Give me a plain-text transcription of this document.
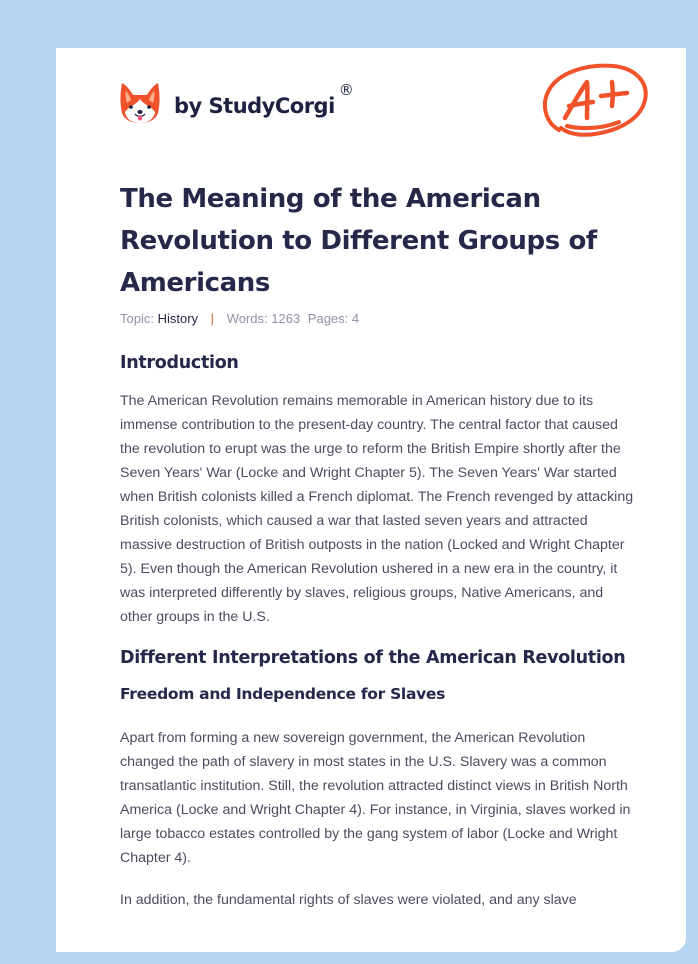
by StudyCorgi
®
The Meaning of the American Revolution to Different Groups of Americans
Topic: History | Words: 1263 Pages: 4
Introduction

The American Revolution remains memorable in American history due to its immense contribution to the present-day country. The central factor that caused the revolution to erupt was the urge to reform the British Empire shortly after the Seven Years' War (Locke and Wright Chapter 5). The Seven Years' War started when British colonists killed a French diplomat. The French revenged by attacking British colonists, which caused a war that lasted seven years and attracted massive destruction of British outposts in the nation (Locked and Wright Chapter 5). Even though the American Revolution ushered in a new era in the country, it was interpreted differently by slaves, religious groups, Native Americans, and other groups in the U.S.

Different Interpretations of the American Revolution
Freedom and Independence for Slaves

Apart from forming a new sovereign government, the American Revolution changed the path of slavery in most states in the U.S. Slavery was a common transatlantic institution. Still, the revolution attracted distinct views in British North America (Locke and Wright Chapter 4). For instance, in Virginia, slaves worked in large tobacco estates controlled by the gang system of labor (Locke and Wright Chapter 4).

In addition, the fundamental rights of slaves were violated, and any slave
